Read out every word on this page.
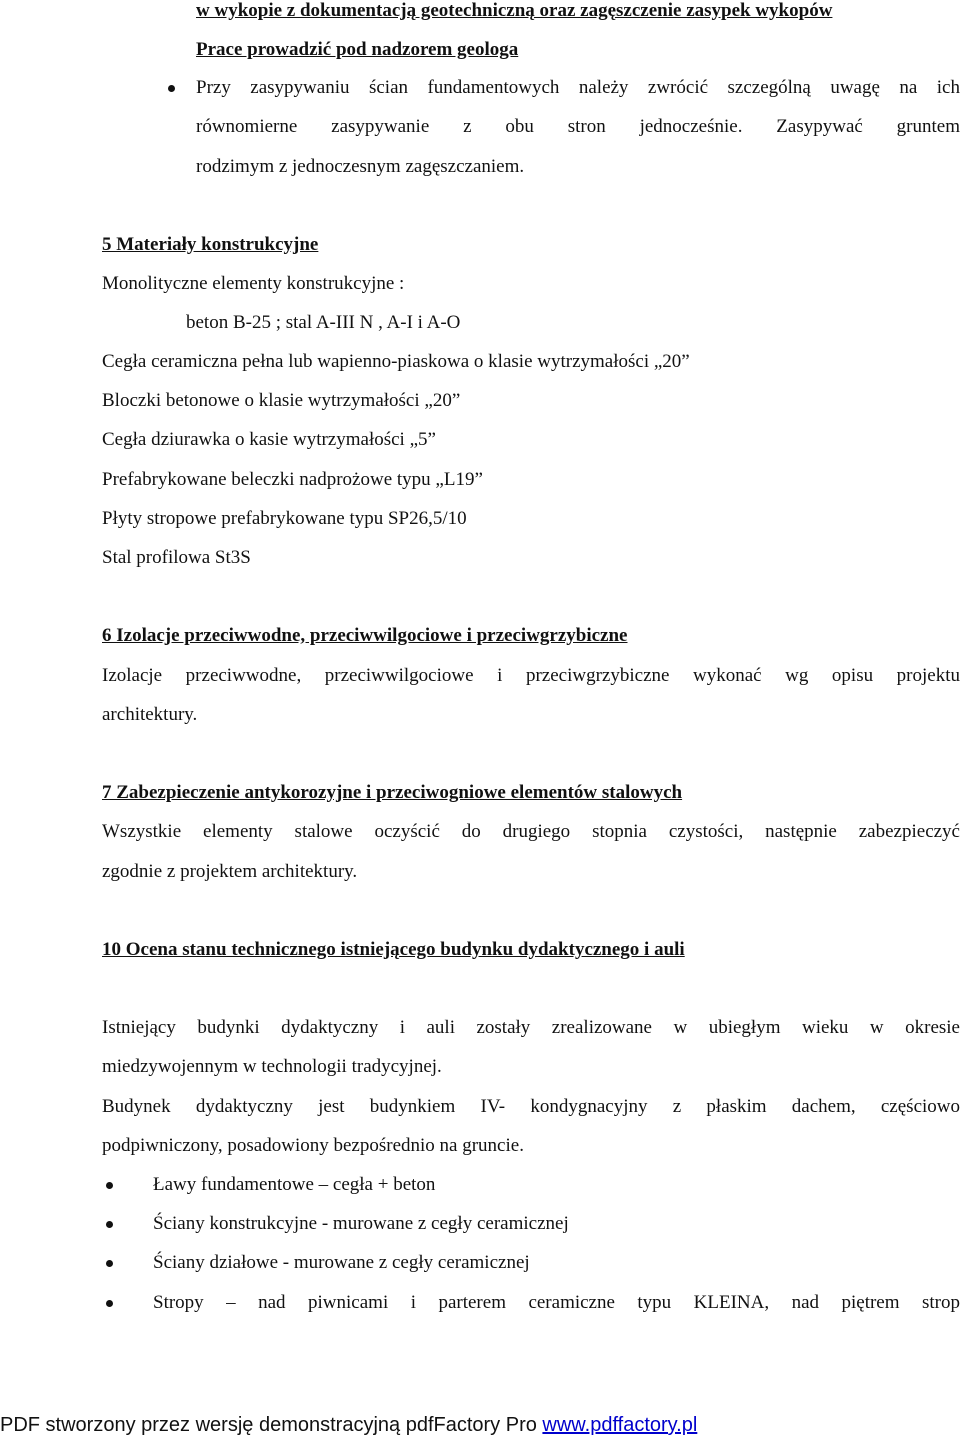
w wykopie z dokumentacją geotechniczną oraz zagęszczenie zasypek wykopów
Prace prowadzić pod nadzorem geologa
Przy zasypywaniu ścian fundamentowych należy zwrócić szczególną uwagę na ich
równomierne zasypywanie z obu stron jednocześnie. Zasypywać gruntem
rodzimym z jednoczesnym zagęszczaniem.
5 Materiały konstrukcyjne
Monolityczne elementy konstrukcyjne :
beton B-25 ; stal A-III N , A-I i A-O
Cegła ceramiczna pełna lub wapienno-piaskowa o klasie wytrzymałości „20”
Bloczki betonowe o klasie wytrzymałości „20”
Cegła dziurawka o kasie wytrzymałości „5”
Prefabrykowane beleczki nadprożowe typu „L19”
Płyty stropowe prefabrykowane typu SP26,5/10
Stal profilowa St3S
6 Izolacje przeciwwodne, przeciwwilgociowe i przeciwgrzybiczne
Izolacje przeciwwodne, przeciwwilgociowe i przeciwgrzybiczne wykonać wg opisu projektu
architektury.
7 Zabezpieczenie antykorozyjne i przeciwogniowe elementów stalowych
Wszystkie elementy stalowe oczyścić do drugiego stopnia czystości, następnie zabezpieczyć
zgodnie z projektem architektury.
10 Ocena stanu technicznego istniejącego budynku dydaktycznego i auli
Istniejący budynki dydaktyczny i auli zostały zrealizowane w ubiegłym wieku w okresie
miedzywojennym w technologii tradycyjnej.
Budynek dydaktyczny jest budynkiem IV- kondygnacyjny z płaskim dachem, częściowo
podpiwniczony, posadowiony bezpośrednio na gruncie.
Ławy fundamentowe – cegła + beton
Ściany konstrukcyjne - murowane z cegły ceramicznej
Ściany działowe - murowane z cegły ceramicznej
Stropy – nad piwnicami i parterem ceramiczne typu KLEINA, nad piętrem strop
PDF stworzony przez wersję demonstracyjną pdfFactory Pro www.pdffactory.pl
